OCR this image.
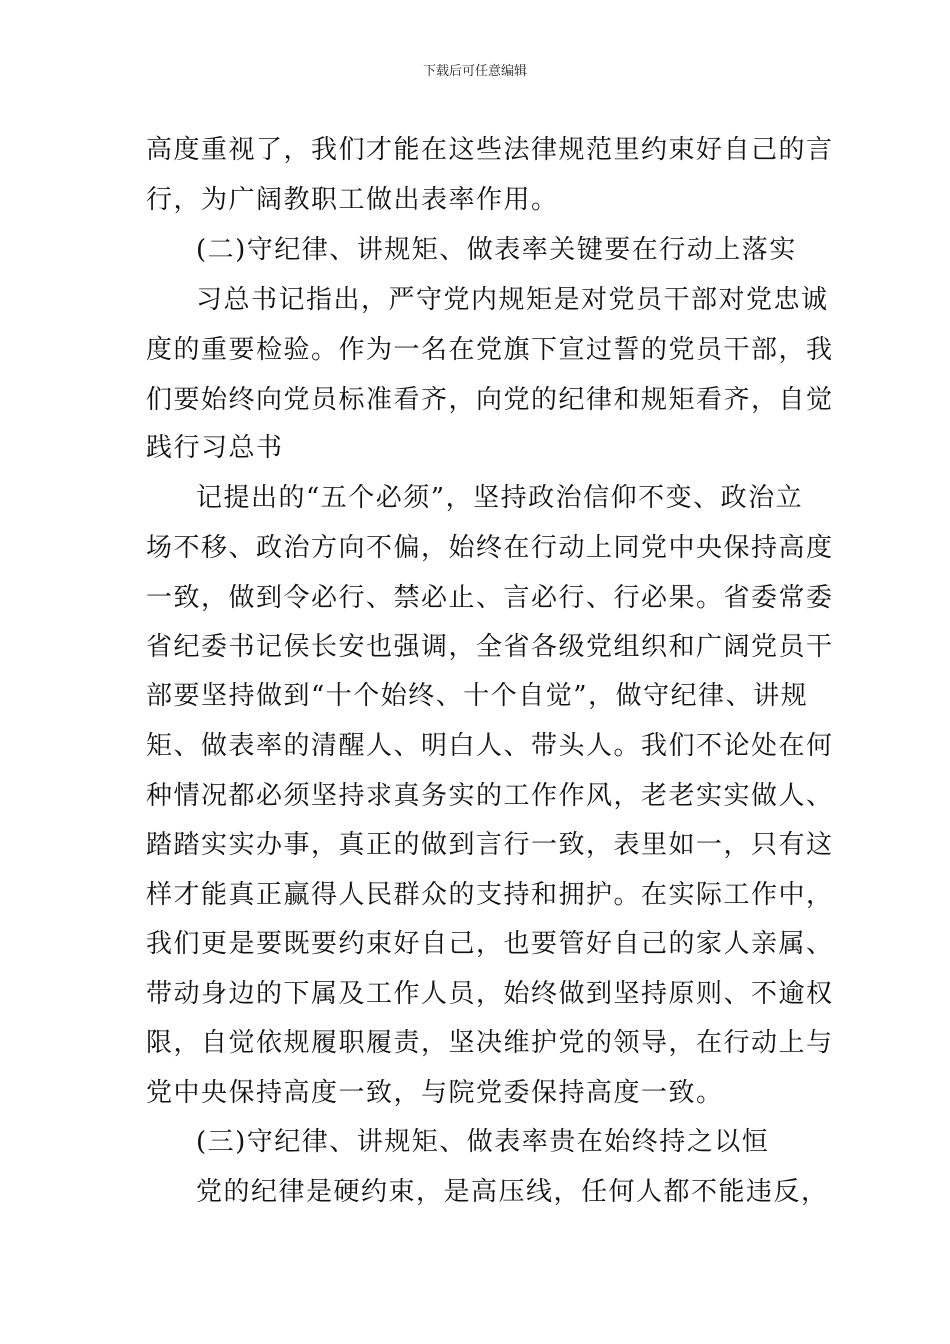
下载后可任意编辑
高度重视了，我们才能在这些法律规范里约束好自己的言
行，为广阔教职工做出表率作用。
(二)守纪律、讲规矩、做表率关键要在行动上落实
习总书记指出，严守党内规矩是对党员干部对党忠诚
度的重要检验。作为一名在党旗下宣过誓的党员干部，我
们要始终向党员标准看齐，向党的纪律和规矩看齐，自觉
践行习总书
记提出的“五个必须”，坚持政治信仰不变、政治立
场不移、政治方向不偏，始终在行动上同党中央保持高度
一致，做到令必行、禁必止、言必行、行必果。省委常委
省纪委书记侯长安也强调，全省各级党组织和广阔党员干
部要坚持做到“十个始终、十个自觉”，做守纪律、讲规
矩、做表率的清醒人、明白人、带头人。我们不论处在何
种情况都必须坚持求真务实的工作作风，老老实实做人、
踏踏实实办事，真正的做到言行一致，表里如一，只有这
样才能真正赢得人民群众的支持和拥护。在实际工作中，
我们更是要既要约束好自己，也要管好自己的家人亲属、
带动身边的下属及工作人员，始终做到坚持原则、不逾权
限，自觉依规履职履责，坚决维护党的领导，在行动上与
党中央保持高度一致，与院党委保持高度一致。
(三)守纪律、讲规矩、做表率贵在始终持之以恒
党的纪律是硬约束，是高压线，任何人都不能违反，
